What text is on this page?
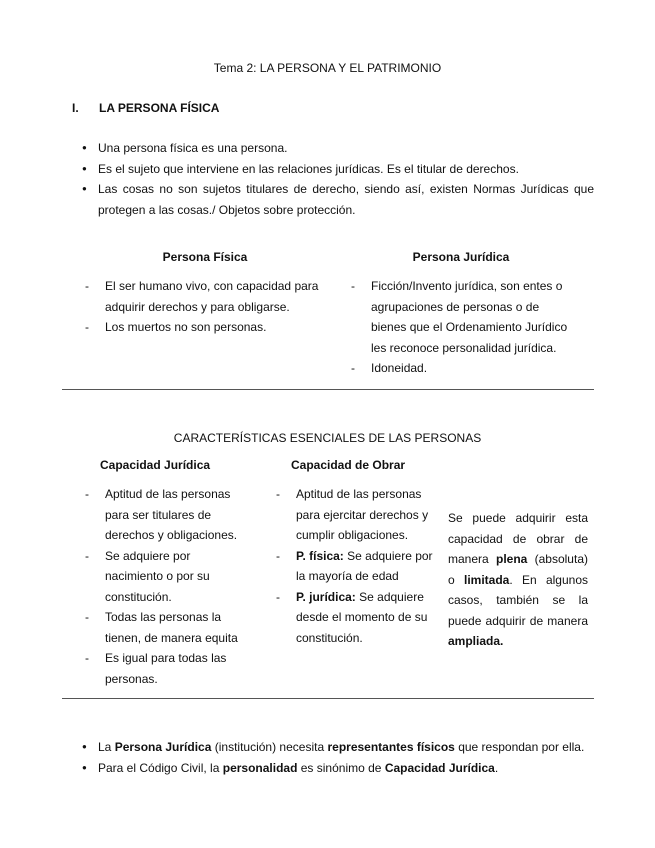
Tema 2: LA PERSONA Y EL PATRIMONIO
I. LA PERSONA FÍSICA
● Una persona física es una persona.
● Es el sujeto que interviene en las relaciones jurídicas. Es el titular de derechos.
● Las cosas no son sujetos titulares de derecho, siendo así, existen Normas Jurídicas que protegen a las cosas./ Objetos sobre protección.
Persona Física
- El ser humano vivo, con capacidad para adquirir derechos y para obligarse.
- Los muertos no son personas.
Persona Jurídica
- Ficción/Invento jurídica, son entes o agrupaciones de personas o de bienes que el Ordenamiento Jurídico les reconoce personalidad jurídica.
- Idoneidad.
CARACTERÍSTICAS ESENCIALES DE LAS PERSONAS
Capacidad Jurídica
- Aptitud de las personas para ser titulares de derechos y obligaciones.
- Se adquiere por nacimiento o por su constitución.
- Todas las personas la tienen, de manera equita
- Es igual para todas las personas.
Capacidad de Obrar
- Aptitud de las personas para ejercitar derechos y cumplir obligaciones.
- P. física: Se adquiere por la mayoría de edad
- P. jurídica: Se adquiere desde el momento de su constitución.
Se puede adquirir esta capacidad de obrar de manera plena (absoluta) o limitada. En algunos casos, también se la puede adquirir de manera ampliada.
● La Persona Jurídica (institución) necesita representantes físicos que respondan por ella.
● Para el Código Civil, la personalidad es sinónimo de Capacidad Jurídica.
